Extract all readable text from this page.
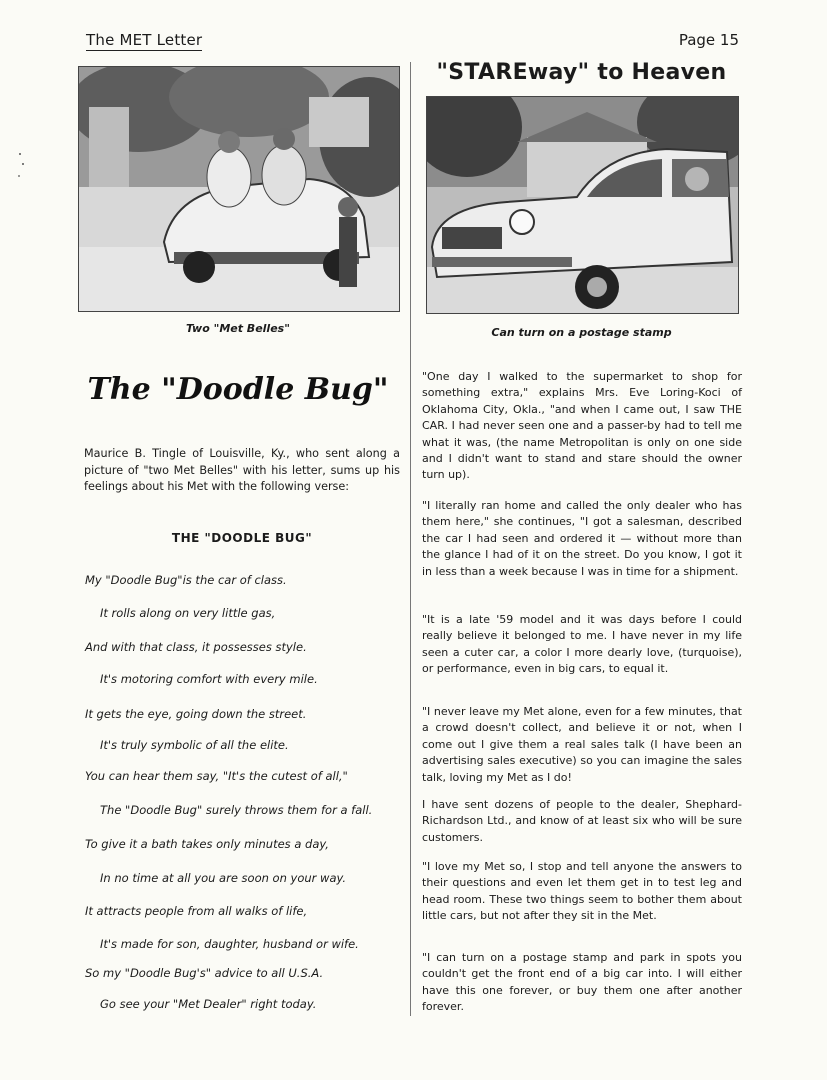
The MET Letter	Page 15
Two "Met Belles"
The "Doodle Bug"

Maurice B. Tingle of Louisville, Ky., who sent along a picture of "two Met Belles" with his letter, sums up his feelings about his Met with the following verse:

THE "DOODLE BUG"
My "Doodle Bug"is the car of class.
It rolls along on very little gas,
And with that class, it possesses style.
It's motoring comfort with every mile.
It gets the eye, going down the street.
It's truly symbolic of all the elite.
You can hear them say, "It's the cutest of all,"
The "Doodle Bug" surely throws them for a fall.
To give it a bath takes only minutes a day,
In no time at all you are soon on your way.
It attracts people from all walks of life,
It's made for son, daughter, husband or wife.
So my "Doodle Bug's" advice to all U.S.A.
Go see your "Met Dealer" right today.
"STAREway" to Heaven
Can turn on a postage stamp

"One day I walked to the supermarket to shop for something extra," explains Mrs. Eve Loring-Koci of Oklahoma City, Okla., "and when I came out, I saw THE CAR. I had never seen one and a passer-by had to tell me what it was, (the name Metropolitan is only on one side and I didn't want to stand and stare should the owner turn up).

"I literally ran home and called the only dealer who has them here," she continues, "I got a salesman, described the car I had seen and ordered it — without more than the glance I had of it on the street. Do you know, I got it in less than a week because I was in time for a shipment.

"It is a late '59 model and it was days before I could really believe it belonged to me. I have never in my life seen a cuter car, a color I more dearly love, (turquoise), or performance, even in big cars, to equal it.

"I never leave my Met alone, even for a few minutes, that a crowd doesn't collect, and believe it or not, when I come out I give them a real sales talk (I have been an advertising sales executive) so you can imagine the sales talk, loving my Met as I do!

I have sent dozens of people to the dealer, Shephard-Richardson Ltd., and know of at least six who will be sure customers.

"I love my Met so, I stop and tell anyone the answers to their questions and even let them get in to test leg and head room. These two things seem to bother them about little cars, but not after they sit in the Met.

"I can turn on a postage stamp and park in spots you couldn't get the front end of a big car into. I will either have this one forever, or buy them one after another forever.
